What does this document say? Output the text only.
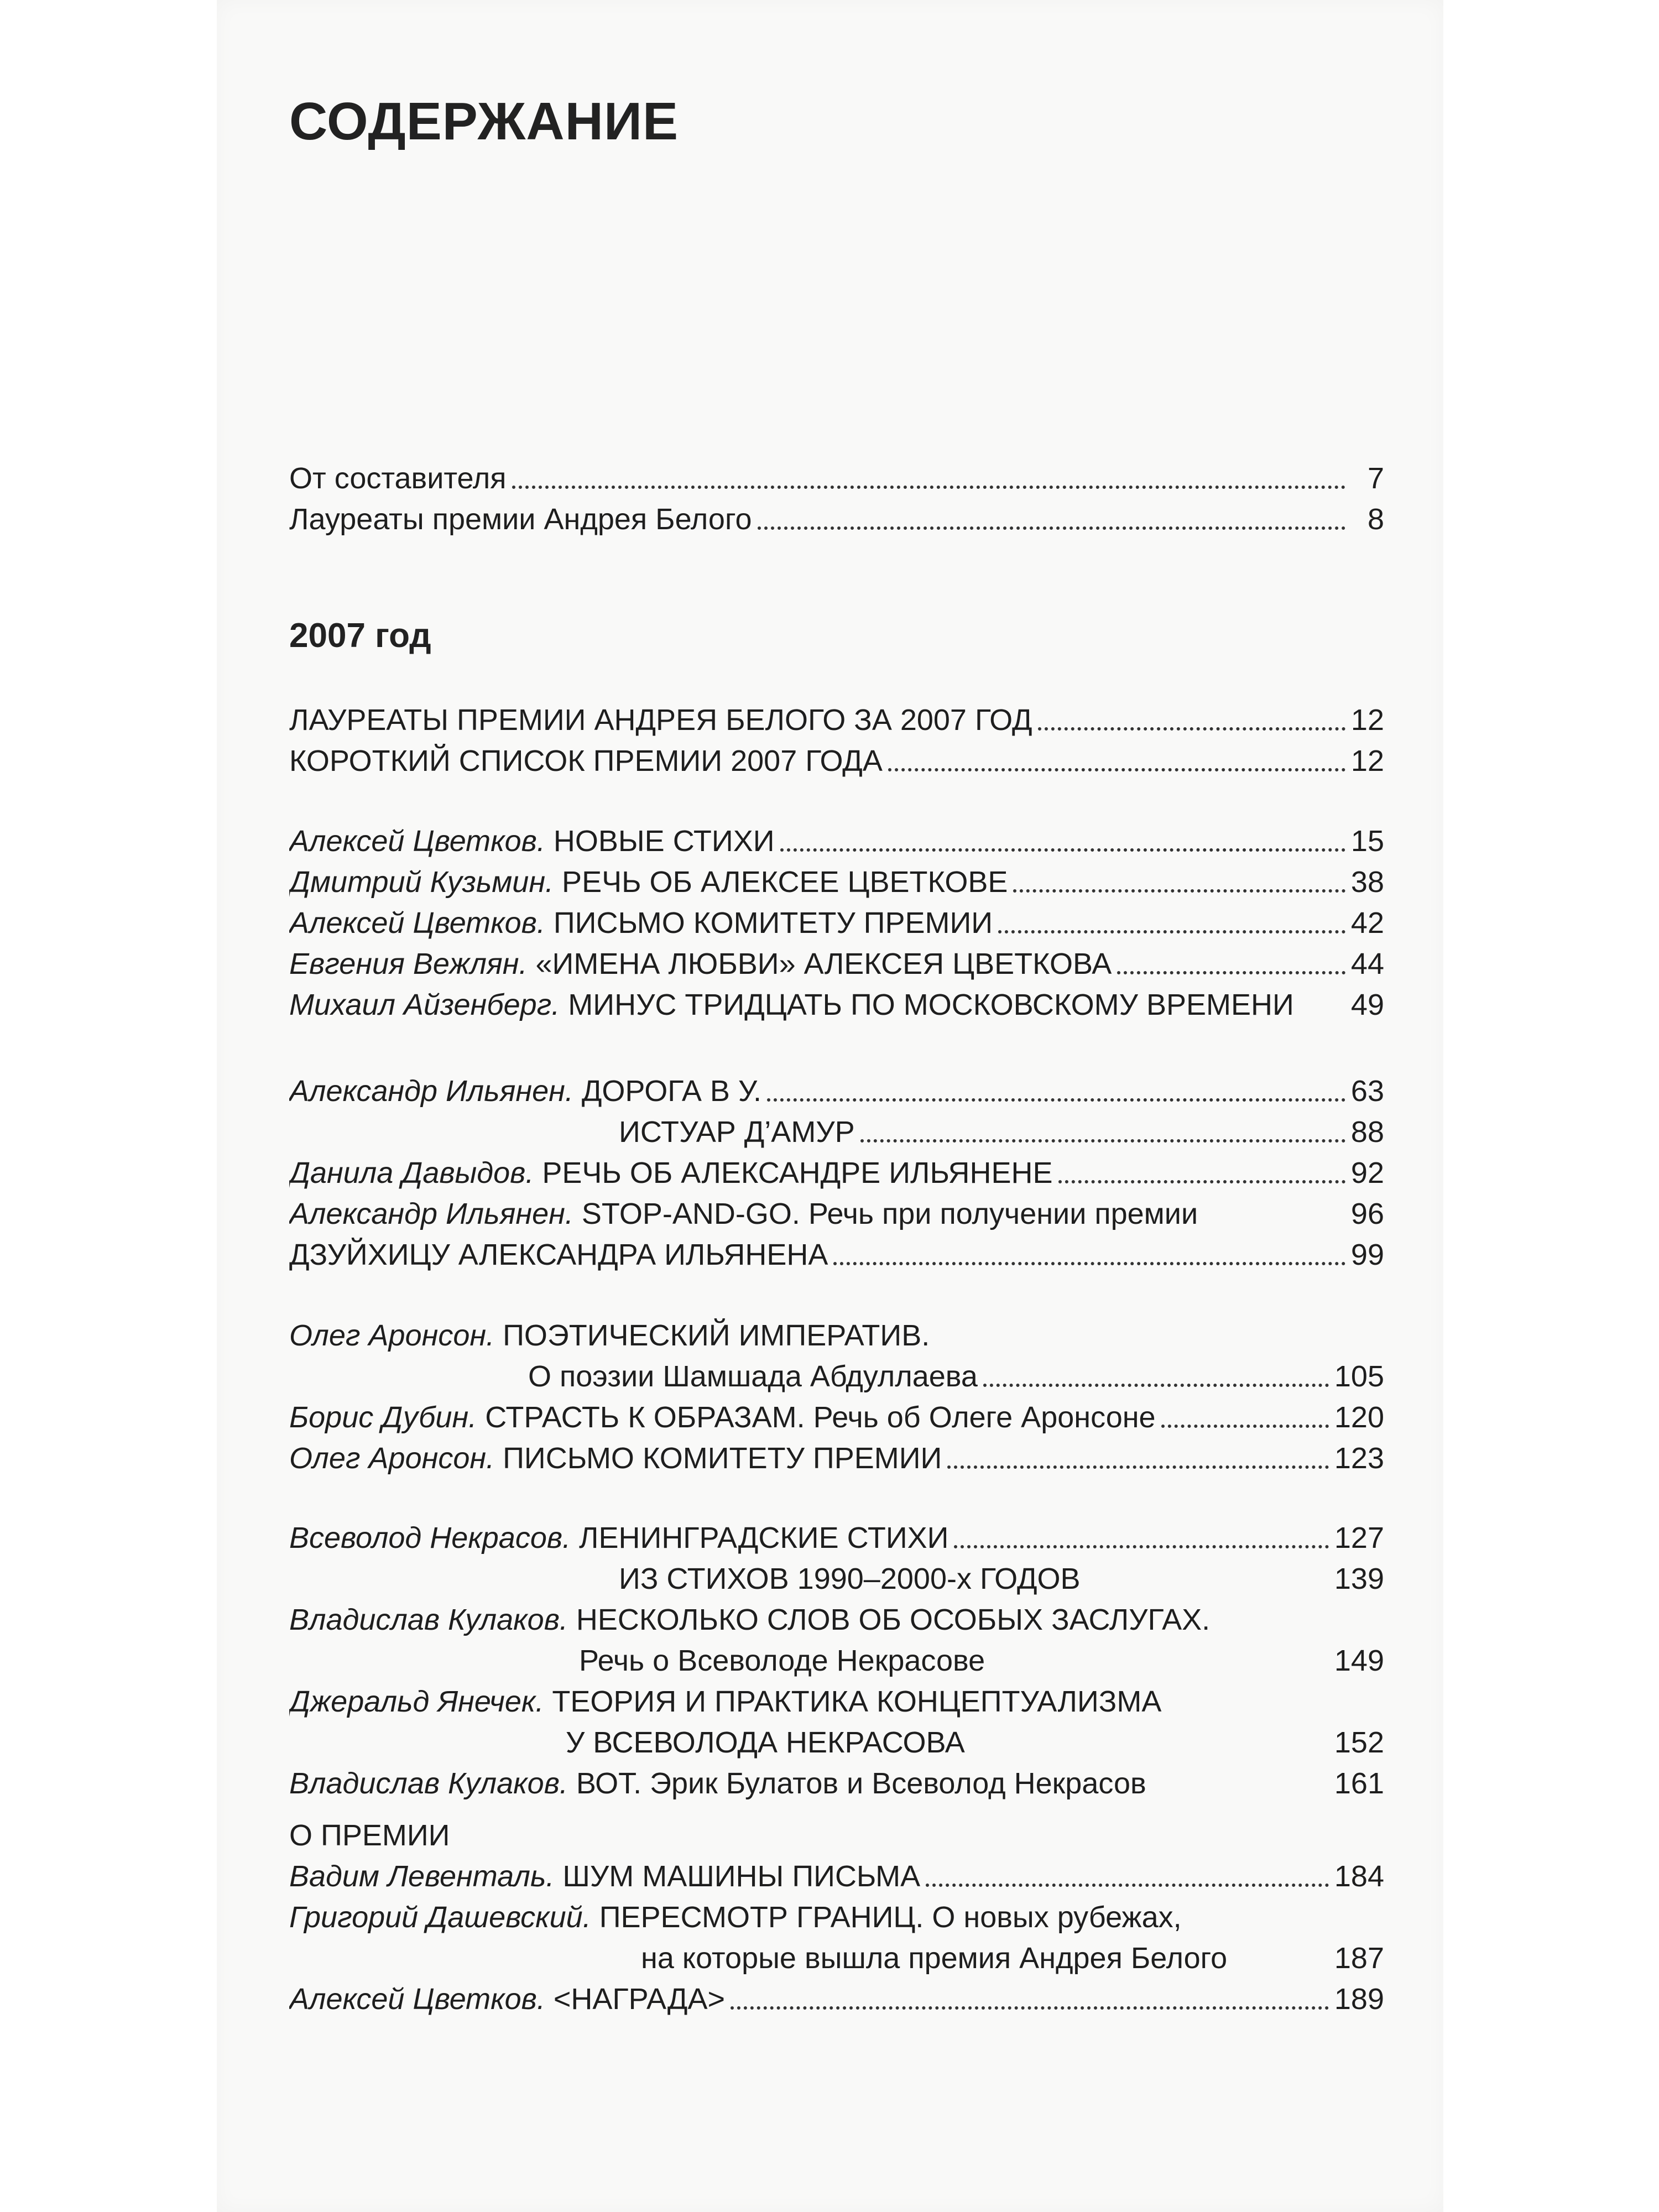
СОДЕРЖАНИЕ
От составителя	7
Лауреаты премии Андрея Белого	8
2007 год
ЛАУРЕАТЫ ПРЕМИИ АНДРЕЯ БЕЛОГО ЗА 2007 ГОД	12
КОРОТКИЙ СПИСОК ПРЕМИИ 2007 ГОДА	12
Алексей Цветков. НОВЫЕ СТИХИ	15
Дмитрий Кузьмин. РЕЧЬ ОБ АЛЕКСЕЕ ЦВЕТКОВЕ	38
Алексей Цветков. ПИСЬМО КОМИТЕТУ ПРЕМИИ	42
Евгения Вежлян. «ИМЕНА ЛЮБВИ» АЛЕКСЕЯ ЦВЕТКОВА	44
Михаил Айзенберг. МИНУС ТРИДЦАТЬ ПО МОСКОВСКОМУ ВРЕМЕНИ 49
Александр Ильянен. ДОРОГА В У.	63
ИСТУАР Д’АМУР	88
Данила Давыдов. РЕЧЬ ОБ АЛЕКСАНДРЕ ИЛЬЯНЕНЕ	92
Александр Ильянен. STOP-AND-GO. Речь при получении премии	96
ДЗУЙХИЦУ АЛЕКСАНДРА ИЛЬЯНЕНА	99
Олег Аронсон. ПОЭТИЧЕСКИЙ ИМПЕРАТИВ.
О поэзии Шамшада Абдуллаева	105
Борис Дубин. СТРАСТЬ К ОБРАЗАМ. Речь об Олеге Аронсоне	120
Олег Аронсон. ПИСЬМО КОМИТЕТУ ПРЕМИИ	123
Всеволод Некрасов. ЛЕНИНГРАДСКИЕ СТИХИ	127
ИЗ СТИХОВ 1990–2000-х ГОДОВ	139
Владислав Кулаков. НЕСКОЛЬКО СЛОВ ОБ ОСОБЫХ ЗАСЛУГАХ.
Речь о Всеволоде Некрасове	149
Джеральд Янечек. ТЕОРИЯ И ПРАКТИКА КОНЦЕПТУАЛИЗМА
У ВСЕВОЛОДА НЕКРАСОВА	152
Владислав Кулаков. ВОТ. Эрик Булатов и Всеволод Некрасов	161
О ПРЕМИИ
Вадим Левенталь. ШУМ МАШИНЫ ПИСЬМА	184
Григорий Дашевский. ПЕРЕСМОТР ГРАНИЦ. О новых рубежах,
на которые вышла премия Андрея Белого	187
Алексей Цветков. <НАГРАДА>	189
